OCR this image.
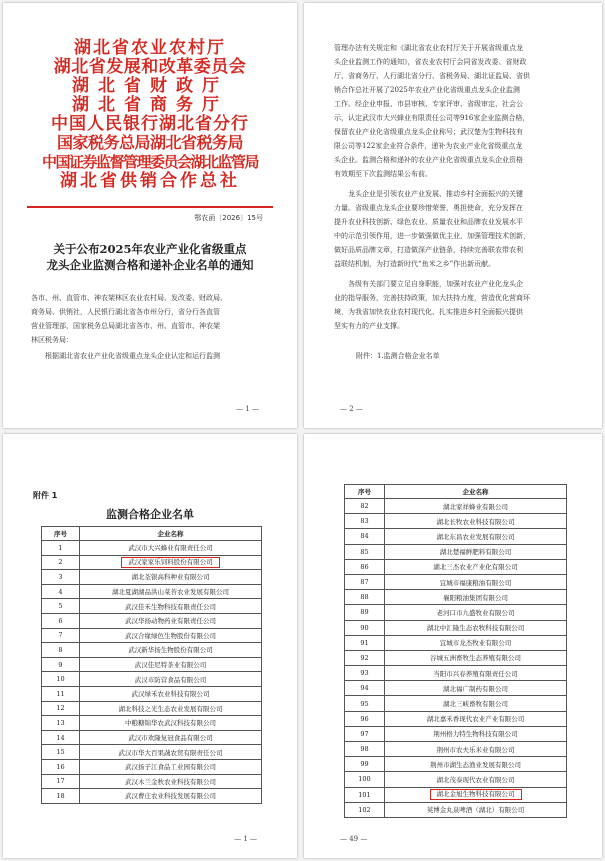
湖北省农业农村厅
湖北省发展和改革委员会
湖北省财政厅
湖北省商务厅
中国人民银行湖北省分行
国家税务总局湖北省税务局
中国证券监督管理委员会湖北监管局
湖北省供销合作总社
鄂农函〔2026〕15号
关于公布2025年农业产业化省级重点
龙头企业监测合格和递补企业名单的通知
各市、州、直管市、神农架林区农业农村局、发改委、财政局、
商务局、供销社，人民银行湖北省各市州分行，省分行各直管
营业管理部，国家税务总局湖北省各市、州、直管市、神农架
林区税务局：
根据湖北省农业产业化省级重点龙头企业认定和运行监测
— 1 —
管理办法有关规定和《湖北省农业农村厅关于开展省级重点龙
头企业监测工作的通知》，省农业农村厅会同省发改委、省财政
厅、省商务厅、人行湖北省分行、省税务局、湖北证监局、省供
销合作总社开展了2025年农业产业化省级重点龙头企业监测
工作。经企业申报、市县审核、专家评审、省级审定、社会公
示，认定武汉市大兴蜂业有限责任公司等916家企业监测合格，
保留农业产业化省级重点龙头企业称号；武汉楚为生物科技有
限公司等122家企业符合条件，递补为农业产业化省级重点龙
头企业。监测合格和递补的农业产业化省级重点龙头企业资格
有效期至下次监测结果公布前。
　　龙头企业是引领农业产业发展、推动乡村全面振兴的关键
力量。省级重点龙头企业要珍惜荣誉，勇担使命，充分发挥在
提升农业科技创新、绿色农业、质量农业和品牌农业发展水平
中的示范引领作用，进一步做强做优主业，加强管理技术创新，
做好品质品牌文章，打造做深产业链条，持续完善联农带农利
益联结机制，为打造新时代“鱼米之乡”作出新贡献。
　　各级有关部门要立足自身职能，加强对农业产业化龙头企
业的指导服务，完善扶持政策，加大扶持力度，营造优化营商环
境，为我省加快农业农村现代化、扎实推进乡村全面振兴提供
坚实有力的产业支撑。
附件：1.监测合格企业名单
— 2 —
附件 1
监测合格企业名单
序号	企业名称
1	武汉市大兴蜂业有限责任公司
2	武汉家家乐饲料股份有限公司
3	湖北荃银高科种业有限公司
4	湖北夏湖湖品洪山菜苔农业发展有限公司
5	武汉佳禾生物科技有限责任公司
6	武汉华扬动物药业有限责任公司
7	武汉合缘绿色生物股份有限公司
8	武汉新华扬生物股份有限公司
9	武汉佳尼特茶业有限公司
10	武汉市防营食品有限公司
11	武汉绿禾农业科技有限公司
12	湖北科技之光生态农业发展有限公司
13	中粮糖锦华农武汉科技有限公司
14	武汉市欢隆复冠食品有限公司
15	武汉市华大百果蔬农贸有限责任公司
16	武汉扬子江食品工业园有限公司
17	武汉木兰金秋农业科技有限公司
18	武汉曹庄农业科技发展有限公司
— 1 —
序号	企业名称
82	湖北家祥蜂业有限公司
83	湖北长牧农业科技有限公司
84	湖北东昌农业发展有限公司
85	湖北楚福鲜肥料有限公司
86	湖北三杰农业产业化有限公司
87	宜城市福康粮油有限公司
88	襄阳粮油集团有限公司
89	老河口市九盛牧业有限公司
90	湖北中汇隆生态农牧科技有限公司
91	宜城市龙杰牧业有限公司
92	谷城五洲畜牧生态养殖有限公司
93	当阳市兴春养殖有限责任公司
94	湖北福广制药有限公司
95	湖北三峡畜牧有限公司
96	湖北嘉禾香现代农业产业有限公司
97	荆州格力特生物科技有限公司
98	荆州市农夫乐米业有限公司
99	荆州市湖生态渔业发展有限公司
100	湖北茂泰现代农业有限公司
101	湖北金旭生物科技有限公司
102	荚博金丸泉啤酒（湖北）有限公司
— 49 —
